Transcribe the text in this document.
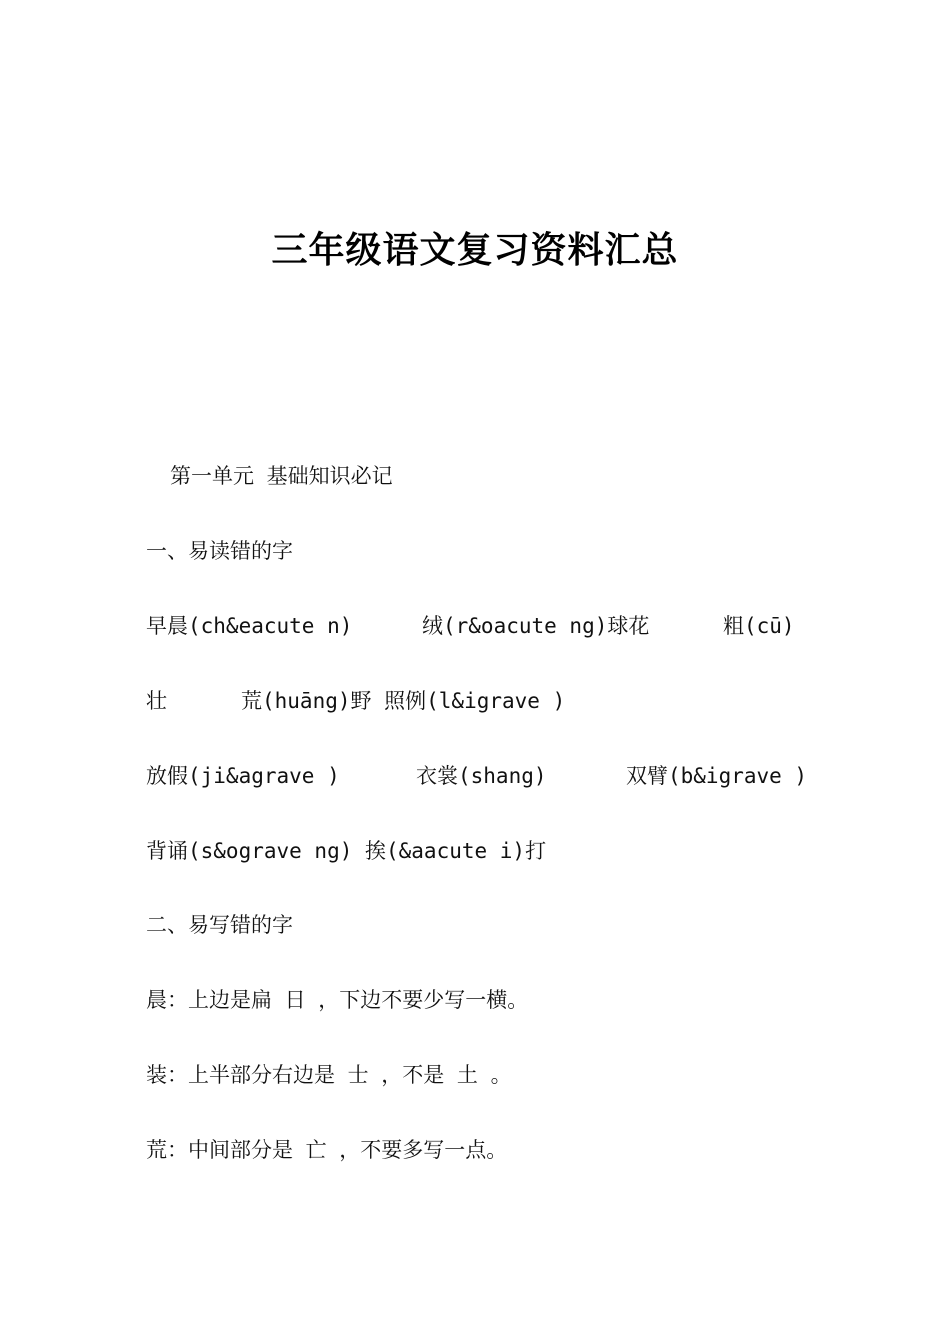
三年级语文复习资料汇总
第一单元 基础知识必记
一、易读错的字

早晨(ch&eacute n)

	绒(r&oacute ng)球花

	粗(cū)

壮

	荒(huāng)野 照例(l&igrave )

放假(ji&agrave )

	衣裳(shang)

	双臂(b&igrave )

背诵(s&ograve ng) 挨(&aacute i)打
二、易写错的字
晨：上边是扁 日 ，下边不要少写一横。
装：上半部分右边是 士 ，不是 土 。
荒：中间部分是 亡 ，不要多写一点。
